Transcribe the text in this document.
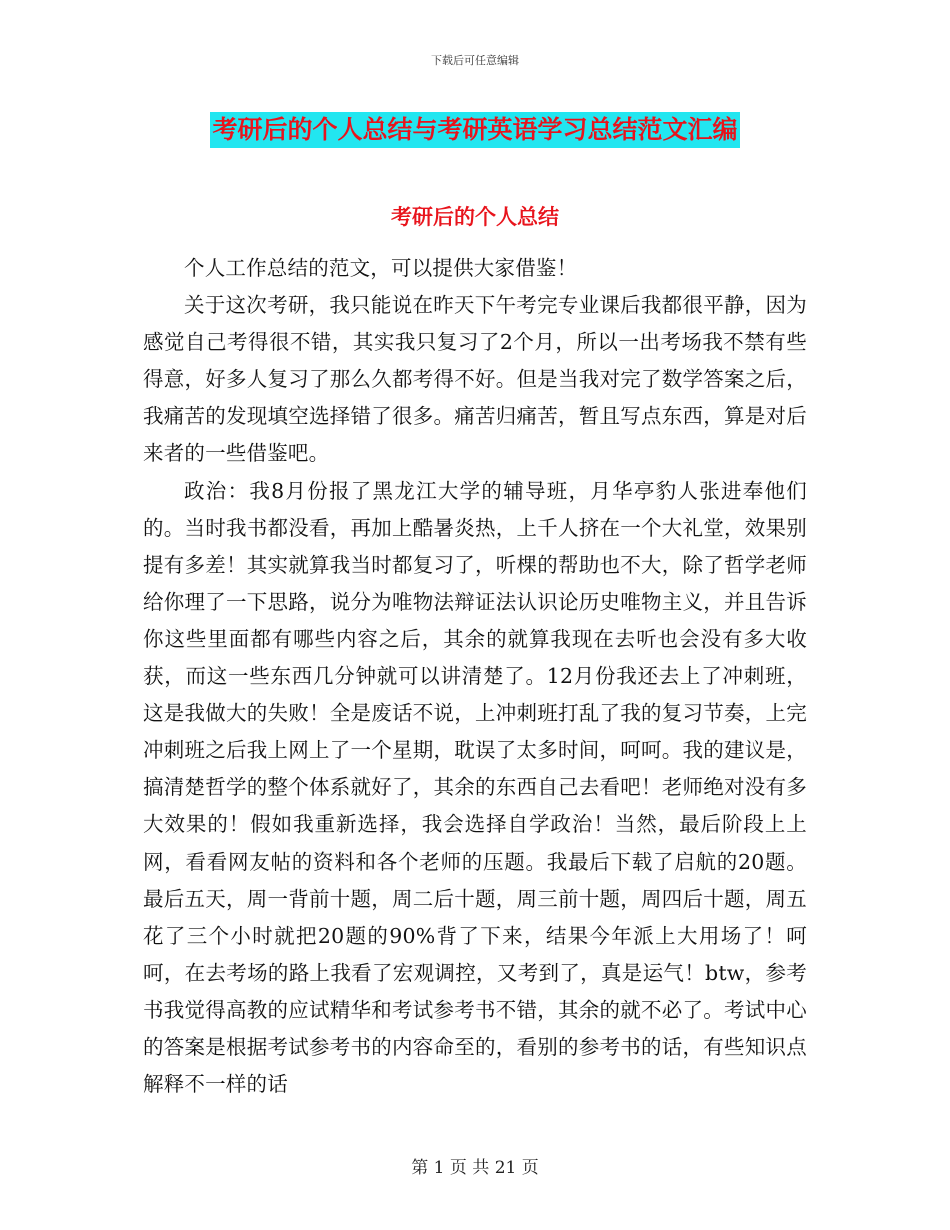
下载后可任意编辑
考研后的个人总结与考研英语学习总结范文汇编
考研后的个人总结

个人工作总结的范文，可以提供大家借鉴！

关于这次考研，我只能说在昨天下午考完专业课后我都很平静，因为感觉自己考得很不错，其实我只复习了2个月，所以一出考场我不禁有些得意，好多人复习了那么久都考得不好。但是当我对完了数学答案之后，我痛苦的发现填空选择错了很多。痛苦归痛苦，暂且写点东西，算是对后来者的一些借鉴吧。

政治：我8月份报了黑龙江大学的辅导班，月华亭豹人张进奉他们的。当时我书都没看，再加上酷暑炎热，上千人挤在一个大礼堂，效果别提有多差！其实就算我当时都复习了，听棵的帮助也不大，除了哲学老师给你理了一下思路，说分为唯物法辩证法认识论历史唯物主义，并且告诉你这些里面都有哪些内容之后，其余的就算我现在去听也会没有多大收获，而这一些东西几分钟就可以讲清楚了。12月份我还去上了冲刺班，这是我做大的失败！全是废话不说，上冲刺班打乱了我的复习节奏，上完冲刺班之后我上网上了一个星期，耽误了太多时间，呵呵。我的建议是，搞清楚哲学的整个体系就好了，其余的东西自己去看吧！老师绝对没有多大效果的！假如我重新选择，我会选择自学政治！当然，最后阶段上上网，看看网友帖的资料和各个老师的压题。我最后下载了启航的20题。最后五天，周一背前十题，周二后十题，周三前十题，周四后十题，周五花了三个小时就把20题的90%背了下来，结果今年派上大用场了！呵呵，在去考场的路上我看了宏观调控，又考到了，真是运气！btw，参考书我觉得高教的应试精华和考试参考书不错，其余的就不必了。考试中心的答案是根据考试参考书的内容命至的，看别的参考书的话，有些知识点解释不一样的话

第 1 页 共 21 页
